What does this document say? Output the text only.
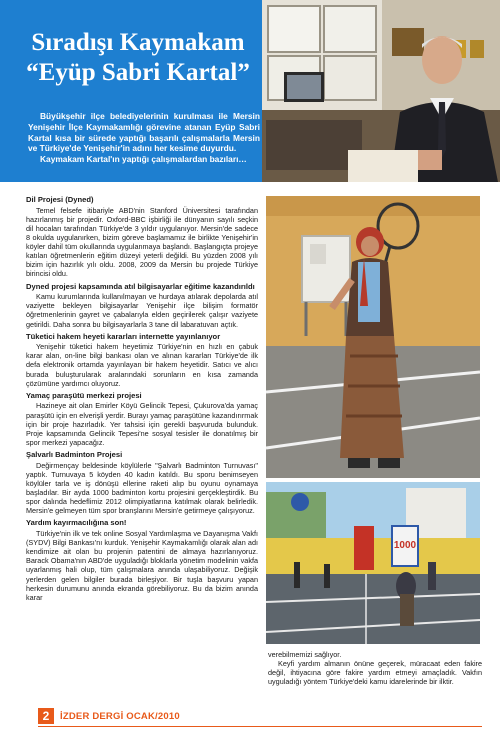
Sıradışı Kaymakam
“Eyüp Sabri Kartal”

Büyükşehir ilçe belediyelerinin kurulması ile Mersin Yenişehir İlçe Kaymakamlığı görevine atanan Eyüp Sabri Kartal kısa bir sürede yaptığı başarılı çalışmalarla Mersin ve Türkiye'de Yenişehir'in adını her kesime duyurdu.

Kaymakam Kartal'ın yaptığı çalışmalardan bazıları…

Dil Projesi (Dyned)

Temel felsefe itibariyle ABD'nin Stanford Üniversitesi tarafından hazırlanmış bir projedir. Oxford-BBC işbirliği ile dünyanın sayılı seçkin dil hocaları tarafından Türkiye'de 3 yıldır uygulanıyor. Mersin'de sadece 8 okulda uygulanırken, bizim göreve başlamamız ile birlikte Yenişehir'in köyler dahil tüm okullarında uygulanmaya başlandı. Başlangıçta projeye katılan öğretmenlerin eğitim düzeyi yeterli değildi. Bu yüzden 2008 yılı bizim için hazırlık yılı oldu. 2008, 2009 da Mersin bu projede Türkiye birincisi oldu.

Dyned projesi kapsamında atıl bilgisayarlar eğitime kazandırıldı

Kamu kurumlarında kullanılmayan ve hurdaya atılarak depolarda atıl vaziyette bekleyen bilgisayarlar Yenişehir ilçe bilişim formatör öğretmenlerinin gayret ve çabalarıyla elden geçirilerek çalışır vaziyete getirildi. Daha sonra bu bilgisayarlarla 3 tane dil labaratuvarı açtık.

Tüketici hakem heyeti kararları internette yayınlanıyor

Yenişehir tüketici hakem heyetimiz Türkiye'nin en hızlı en çabuk karar alan, on-line bilgi bankası olan ve alınan kararları Türkiye'de ilk defa elektronik ortamda yayınlayan bir hakem heyetidir. Satıcı ve alıcı burada buluşturularak aralarındaki sorunların en kısa zamanda çözümüne yardımcı oluyoruz.

Yamaç paraşütü merkezi projesi

Hazineye ait olan Emirler Köyü Gelincik Tepesi, Çukurova'da yamaç paraşütü için en elverişli yerdir. Burayı yamaç paraşütüne kazandırırmak için bir proje hazırladık. Yer tahsisi için gerekli başvuruda bulunduk. Proje kapsamında Gelincik Tepesi'ne sosyal tesisler ile donatılmış bir spor merkezi yapacağız.

Şalvarlı Badminton Projesi

Değirmençay beldesinde köylülerle "Şalvarlı Badminton Turnuvası" yaptık. Turnuvaya 5 köyden 40 kadın katıldı. Bu sporu benimseyen köylüler tarla ve iş dönüşü ellerine raketi alıp bu oyunu oynamaya başladılar. Bir ayda 1000 badminton kortu projesini gerçekleştirdik. Bu spor dalında hedeflimiz 2012 olimpiyatlarına katılmak olarak belirledik. Mersin'e gelmeyen tüm spor branşlarını Mersin'e getirmeye çalışıyoruz.

Yardım kayırmacılığına son!

Türkiye'nin ilk ve tek online Sosyal Yardımlaşma ve Dayanışma Vakfı (SYDV) Bilgi Bankası'nı kurduk. Yenişehir Kaymakamlığı olarak alan adı kendimize ait olan bu projenin patentini de almaya hazırlanıyoruz. Barack Obama'nın ABD'de uyguladığı bloklarla yönetim modelinin vakfa uyarlanmış hali olup, tüm çalışmalara anında ulaşabiliyoruz. Değişik yerlerden gelen bilgiler burada birleşiyor. Bir tuşla başvuru yapan herkesin durumunu anında ekranda görebiliyoruz. Bu da bizim anında karar

1000

verebilmemizi sağlıyor.

Keyfi yardım almanın önüne geçerek, müracaat eden fakire değil, ihtiyacına göre fakire yardım etmeyi amaçladık. Vakfın uyguladığı yöntem Türkiye'deki kamu idarelerinde bir ilktir.

2	İZDER DERGİ OCAK/2010
